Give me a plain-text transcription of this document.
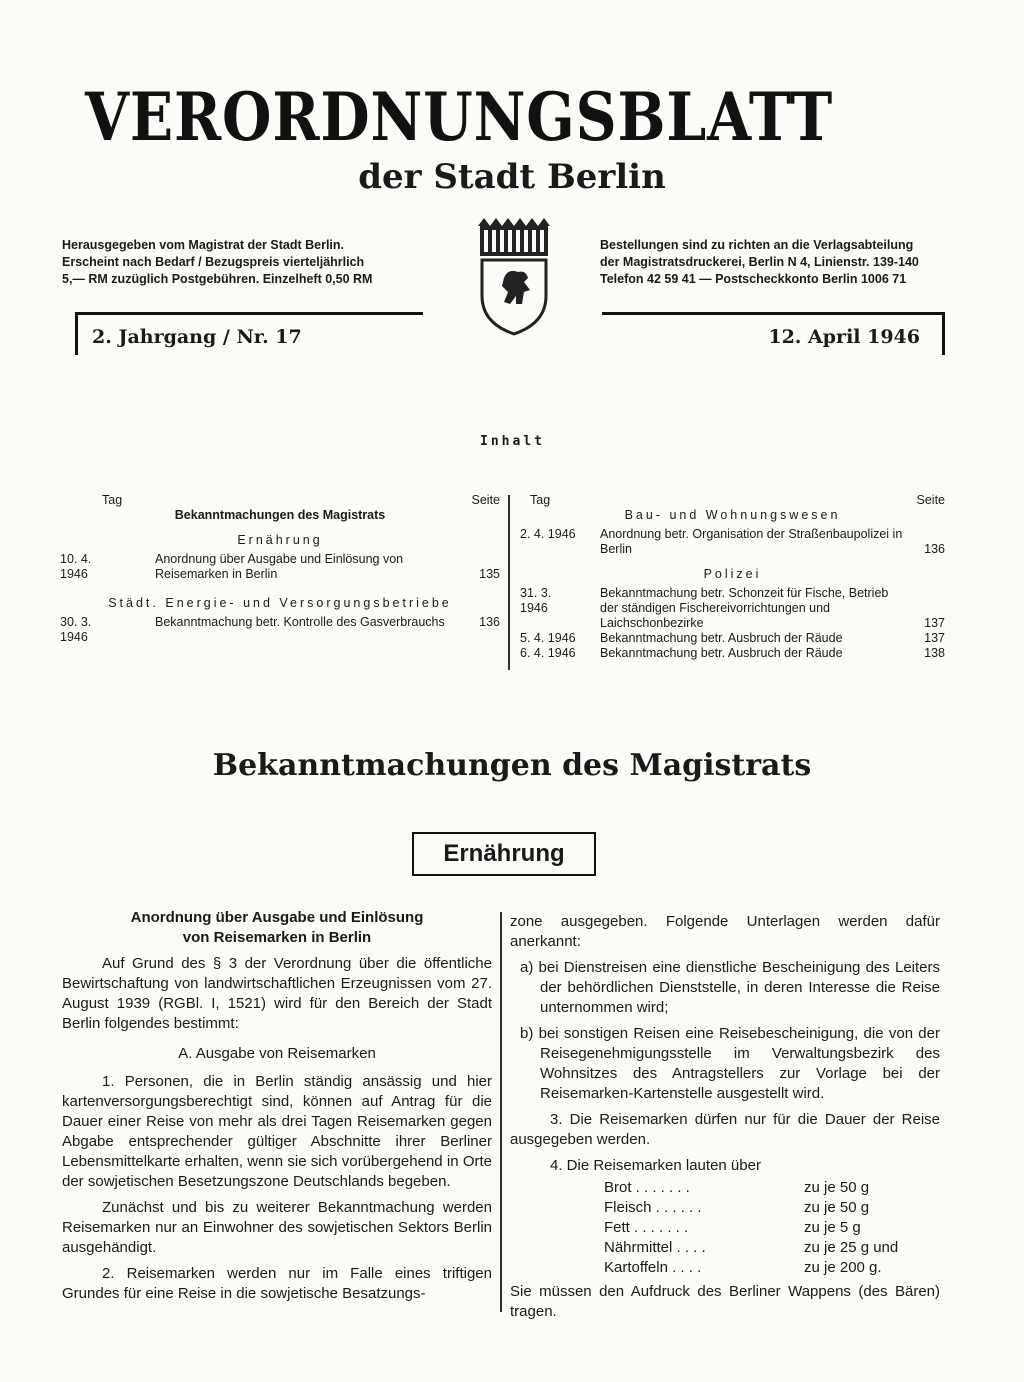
VERORDNUNGSBLATT
der Stadt Berlin
Herausgegeben vom Magistrat der Stadt Berlin.
Erscheint nach Bedarf / Bezugspreis vierteljährlich
5,— RM zuzüglich Postgebühren. Einzelheft 0,50 RM
Bestellungen sind zu richten an die Verlagsabteilung
der Magistratsdruckerei, Berlin N 4, Linienstr. 139-140
Telefon 42 59 41 — Postscheckkonto Berlin 1006 71
2. Jahrgang / Nr. 17	12. April 1946
Inhalt
Tag	Seite
Bekanntmachungen des Magistrats
Ernährung
10. 4. 1946
Anordnung über Ausgabe und Einlösung von Reisemarken in Berlin	135
Städt. Energie- und Versorgungsbetriebe
30. 3. 1946
Bekanntmachung betr. Kontrolle des Gasverbrauchs	136
Tag	Seite
Bau- und Wohnungswesen
2. 4. 1946	Anordnung betr. Organisation der Straßenbaupolizei in Berlin	136
Polizei
31. 3. 1946
Bekanntmachung betr. Schonzeit für Fische, Betrieb der ständigen Fischereivorrichtungen und Laichschonbezirke	137
5. 4. 1946	Bekanntmachung betr. Ausbruch der Räude	137
6. 4. 1946	Bekanntmachung betr. Ausbruch der Räude	138
Bekanntmachungen des Magistrats
Ernährung
Anordnung über Ausgabe und Einlösung
von Reisemarken in Berlin

Auf Grund des § 3 der Verordnung über die öffentliche Bewirtschaftung von landwirtschaftlichen Erzeugnissen vom 27. August 1939 (RGBl. I, 1521) wird für den Bereich der Stadt Berlin folgendes bestimmt:

A. Ausgabe von Reisemarken

1. Personen, die in Berlin ständig ansässig und hier kartenversorgungsberechtigt sind, können auf Antrag für die Dauer einer Reise von mehr als drei Tagen Reisemarken gegen Abgabe entsprechender gültiger Abschnitte ihrer Berliner Lebensmittelkarte erhalten, wenn sie sich vorübergehend in Orte der sowjetischen Besetzungszone Deutschlands begeben.

Zunächst und bis zu weiterer Bekanntmachung werden Reisemarken nur an Einwohner des sowjetischen Sektors Berlin ausgehändigt.

2. Reisemarken werden nur im Falle eines triftigen Grundes für eine Reise in die sowjetische Besatzungs-

zone ausgegeben. Folgende Unterlagen werden dafür anerkannt:

a) bei Dienstreisen eine dienstliche Bescheinigung des Leiters der behördlichen Dienststelle, in deren Interesse die Reise unternommen wird;

b) bei sonstigen Reisen eine Reisebescheinigung, die von der Reisegenehmigungsstelle im Verwaltungsbezirk des Wohnsitzes des Antragstellers zur Vorlage bei der Reisemarken-Kartenstelle ausgestellt wird.

3. Die Reisemarken dürfen nur für die Dauer der Reise ausgegeben werden.

4. Die Reisemarken lauten über

Brot . . . . . . .	zu je 50 g
Fleisch . . . . . .	zu je 50 g
Fett . . . . . . .	zu je 5 g
Nährmittel . . . .	zu je 25 g und
Kartoffeln . . . .	zu je 200 g.

Sie müssen den Aufdruck des Berliner Wappens (des Bären) tragen.
